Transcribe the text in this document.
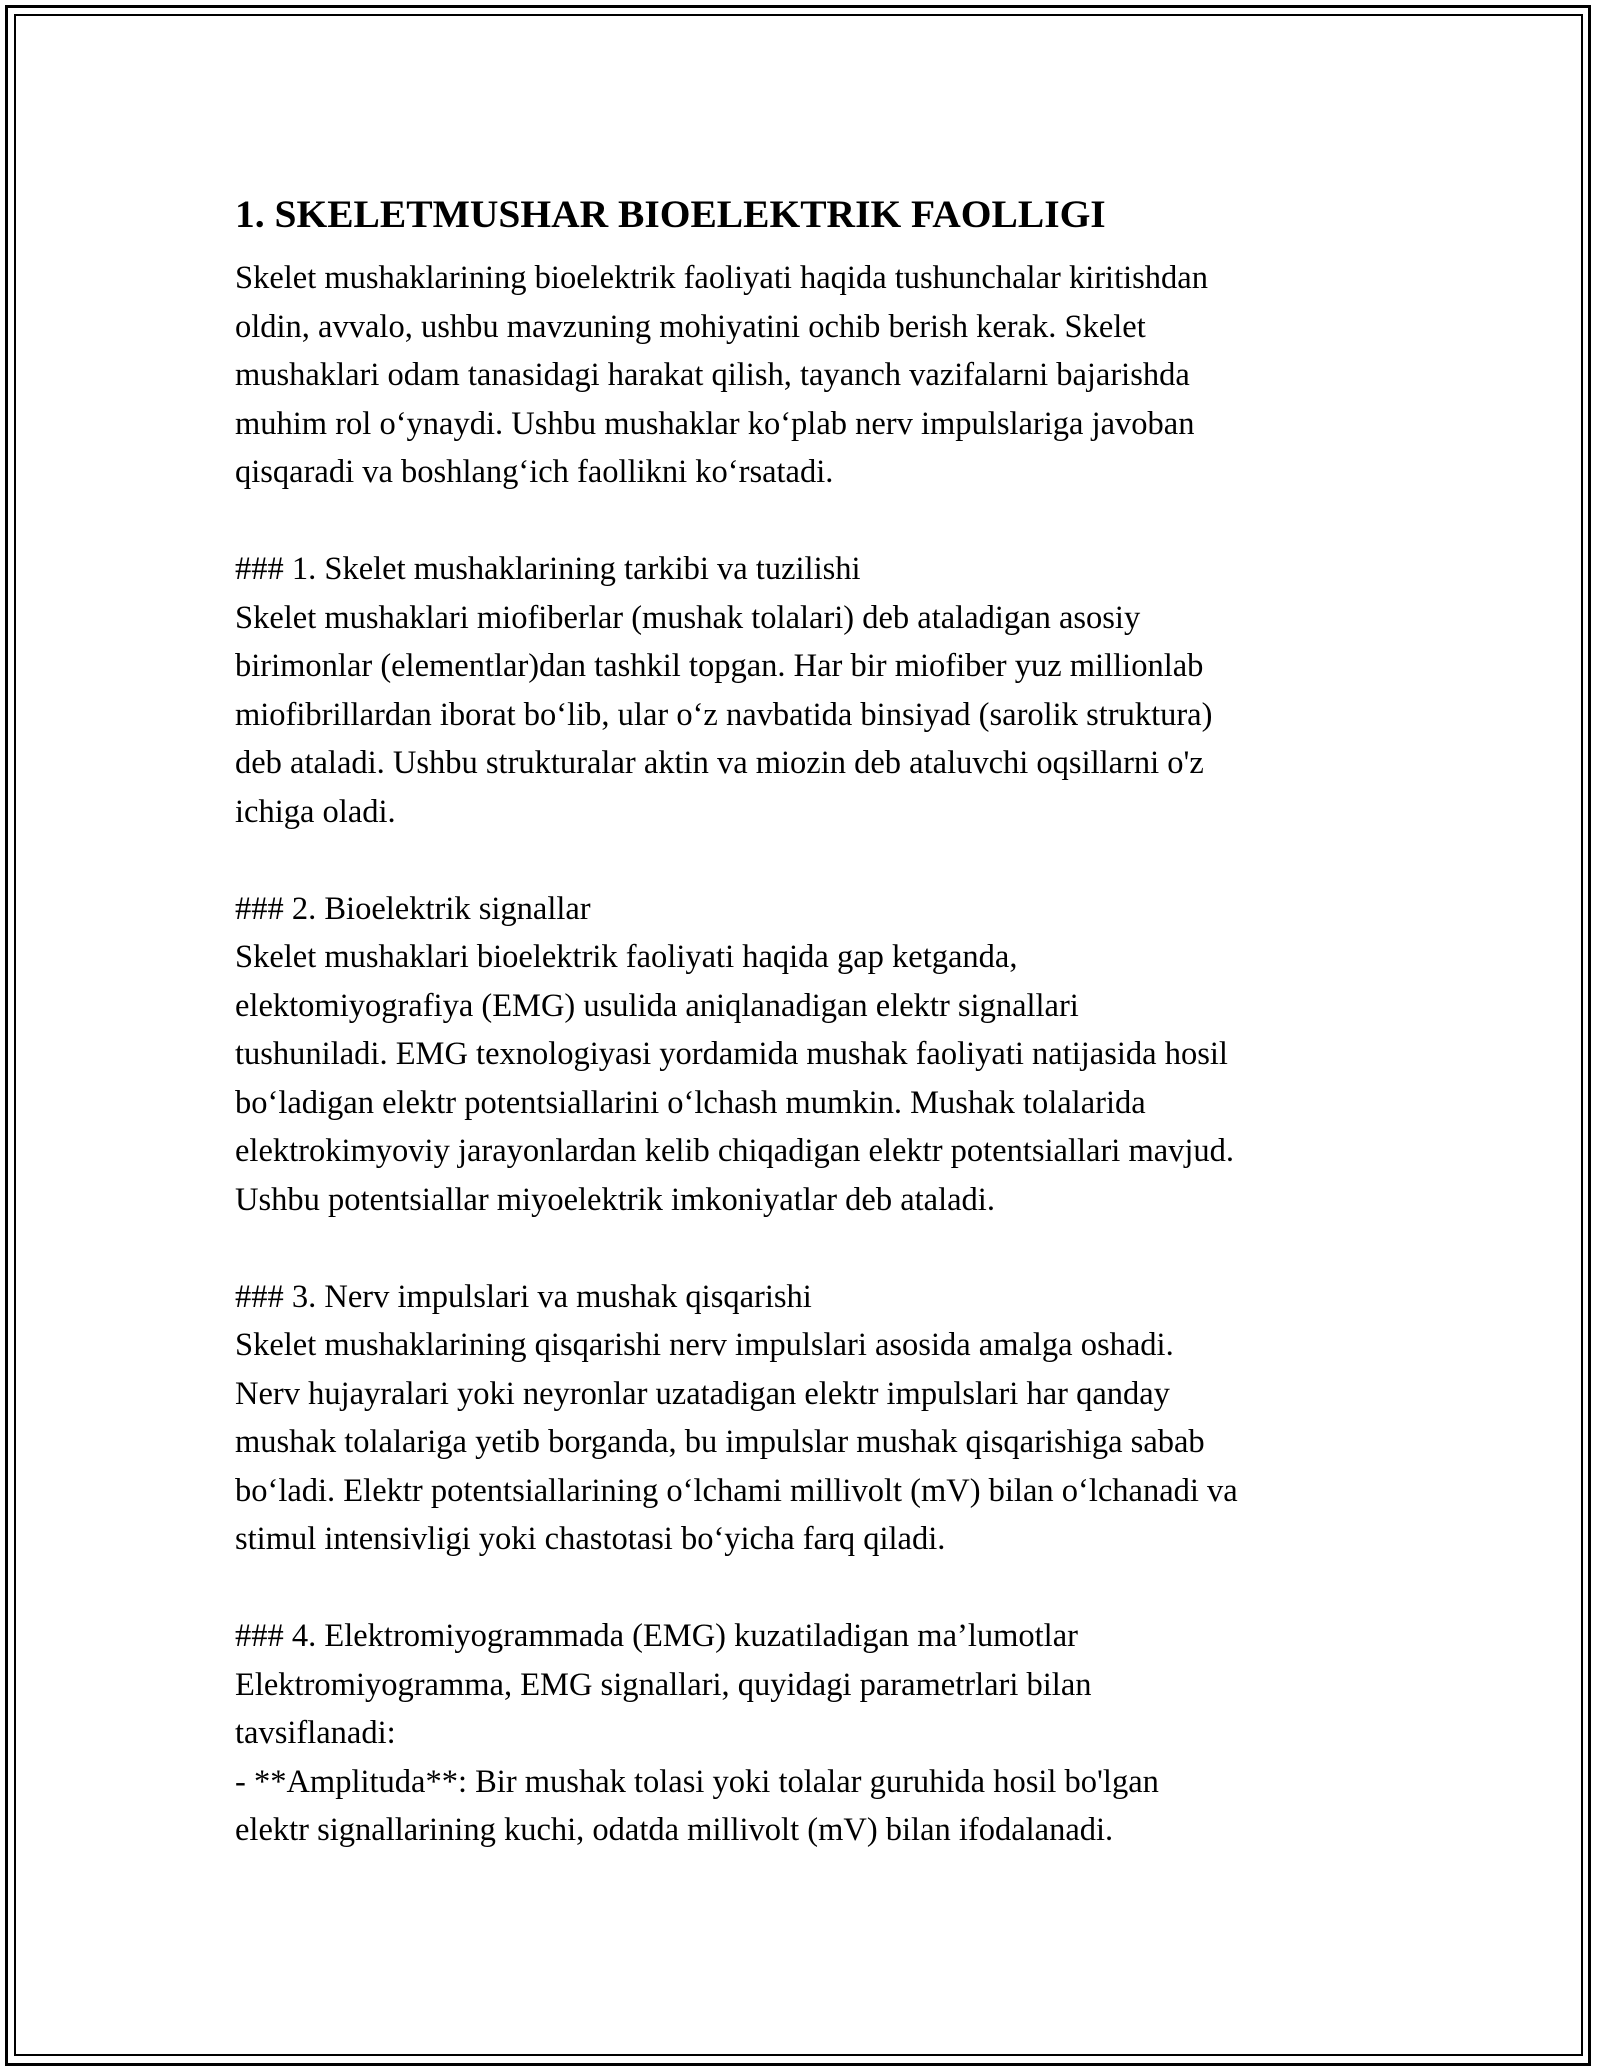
1. SKELETMUSHAR BIOELEKTRIK FAOLLIGI
Skelet mushaklarining bioelektrik faoliyati haqida tushunchalar kiritishdan
oldin, avvalo, ushbu mavzuning mohiyatini ochib berish kerak. Skelet
mushaklari odam tanasidagi harakat qilish, tayanch vazifalarni bajarishda
muhim rol o‘ynaydi. Ushbu mushaklar ko‘plab nerv impulslariga javoban
qisqaradi va boshlang‘ich faollikni ko‘rsatadi.
### 1. Skelet mushaklarining tarkibi va tuzilishi
Skelet mushaklari miofiberlar (mushak tolalari) deb ataladigan asosiy
birimonlar (elementlar)dan tashkil topgan. Har bir miofiber yuz millionlab
miofibrillardan iborat bo‘lib, ular o‘z navbatida binsiyad (sarolik struktura)
deb ataladi. Ushbu strukturalar aktin va miozin deb ataluvchi oqsillarni o'z
ichiga oladi.
### 2. Bioelektrik signallar
Skelet mushaklari bioelektrik faoliyati haqida gap ketganda,
elektomiyografiya (EMG) usulida aniqlanadigan elektr signallari
tushuniladi. EMG texnologiyasi yordamida mushak faoliyati natijasida hosil
bo‘ladigan elektr potentsiallarini o‘lchash mumkin. Mushak tolalarida
elektrokimyoviy jarayonlardan kelib chiqadigan elektr potentsiallari mavjud.
Ushbu potentsiallar miyoelektrik imkoniyatlar deb ataladi.
### 3. Nerv impulslari va mushak qisqarishi
Skelet mushaklarining qisqarishi nerv impulslari asosida amalga oshadi.
Nerv hujayralari yoki neyronlar uzatadigan elektr impulslari har qanday
mushak tolalariga yetib borganda, bu impulslar mushak qisqarishiga sabab
bo‘ladi. Elektr potentsiallarining o‘lchami millivolt (mV) bilan o‘lchanadi va
stimul intensivligi yoki chastotasi bo‘yicha farq qiladi.
### 4. Elektromiyogrammada (EMG) kuzatiladigan ma’lumotlar
Elektromiyogramma, EMG signallari, quyidagi parametrlari bilan
tavsiflanadi:
- **Amplituda**: Bir mushak tolasi yoki tolalar guruhida hosil bo'lgan
elektr signallarining kuchi, odatda millivolt (mV) bilan ifodalanadi.
